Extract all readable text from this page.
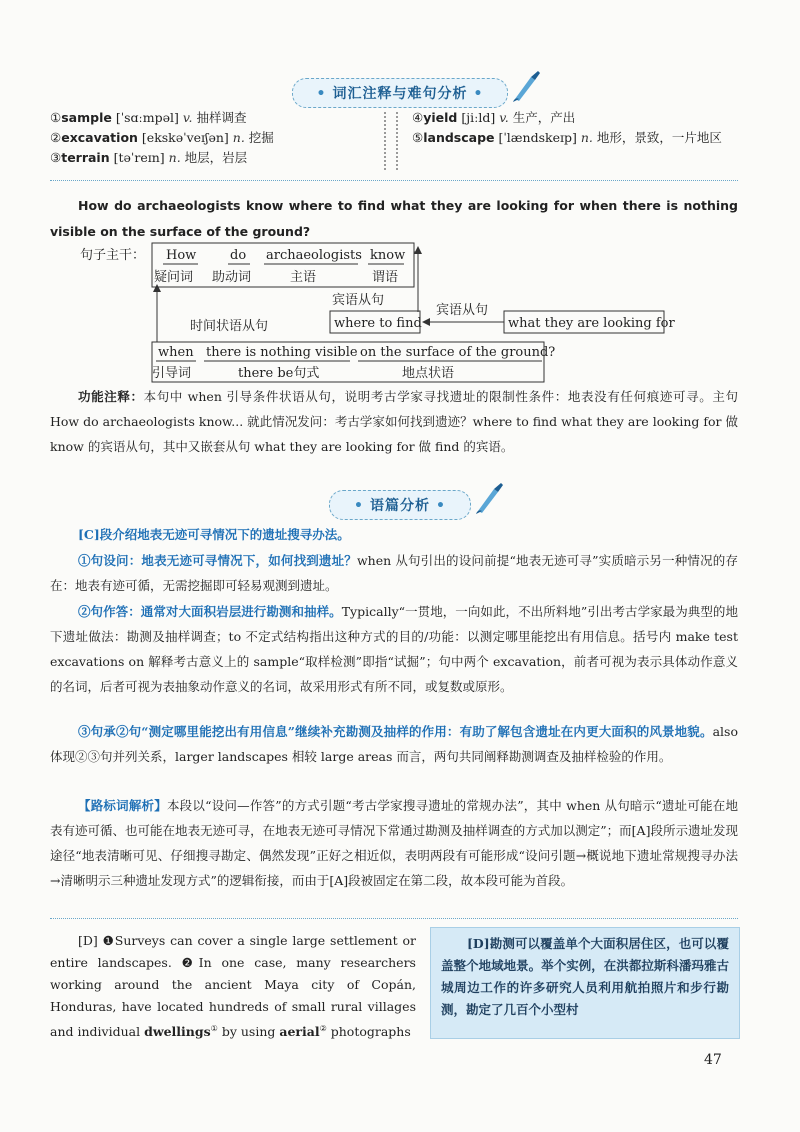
• 词汇注释与难句分析 •
①sample [ˈsɑːmpəl] v. 抽样调查
②excavation [ekskəˈveɪʃən] n. 挖掘
③terrain [təˈreɪn] n. 地层，岩层
④yield [jiːld] v. 生产，产出
⑤landscape [ˈlændskeɪp] n. 地形，景致，一片地区
How do archaeologists know where to find what they are looking for when there is nothing visible on the surface of the ground?
句子主干： How
疑问词
do
助动词
archaeologists
主语
know
谓语
宾语从句
where to find
宾语从句
what they are looking for
时间状语从句
when
引导词
there is nothing visible
there be句式
on the surface of the ground?
地点状语
功能注释：本句中 when 引导条件状语从句，说明考古学家寻找遗址的限制性条件：地表没有任何痕迹可寻。主句 How do archaeologists know... 就此情况发问：考古学家如何找到遗迹？where to find what they are looking for 做 know 的宾语从句，其中又嵌套从句 what they are looking for 做 find 的宾语。
• 语篇分析 •
[C]段介绍地表无迹可寻情况下的遗址搜寻办法。
①句设问：地表无迹可寻情况下，如何找到遗址？when 从句引出的设问前提“地表无迹可寻”实质暗示另一种情况的存在：地表有迹可循，无需挖掘即可轻易观测到遗址。
②句作答：通常对大面积岩层进行勘测和抽样。Typically“一贯地，一向如此，不出所料地”引出考古学家最为典型的地下遗址做法：勘测及抽样调查；to 不定式结构指出这种方式的目的/功能：以测定哪里能挖出有用信息。括号内 make test excavations on 解释考古意义上的 sample“取样检测”即指“试掘”；句中两个 excavation，前者可视为表示具体动作意义的名词，后者可视为表抽象动作意义的名词，故采用形式有所不同，或复数或原形。
③句承②句“测定哪里能挖出有用信息”继续补充勘测及抽样的作用：有助了解包含遗址在内更大面积的风景地貌。also 体现②③句并列关系，larger landscapes 相较 large areas 而言，两句共同阐释勘测调查及抽样检验的作用。
【路标词解析】本段以“设问—作答”的方式引题“考古学家搜寻遗址的常规办法”，其中 when 从句暗示“遗址可能在地表有迹可循、也可能在地表无迹可寻，在地表无迹可寻情况下常通过勘测及抽样调查的方式加以测定”；而[A]段所示遗址发现途径“地表清晰可见、仔细搜寻勘定、偶然发现”正好之相近似，表明两段有可能形成“设问引题→概说地下遗址常规搜寻办法→清晰明示三种遗址发现方式”的逻辑衔接，而由于[A]段被固定在第二段，故本段可能为首段。
[D] ❶Surveys can cover a single large settlement or entire landscapes. ❷In one case, many researchers working around the ancient Maya city of Copán, Honduras, have located hundreds of small rural villages and individual dwellings① by using aerial② photographs
[D]勘测可以覆盖单个大面积居住区，也可以覆盖整个地域地景。举个实例，在洪都拉斯科潘玛雅古城周边工作的许多研究人员利用航拍照片和步行勘测，勘定了几百个小型村
47
